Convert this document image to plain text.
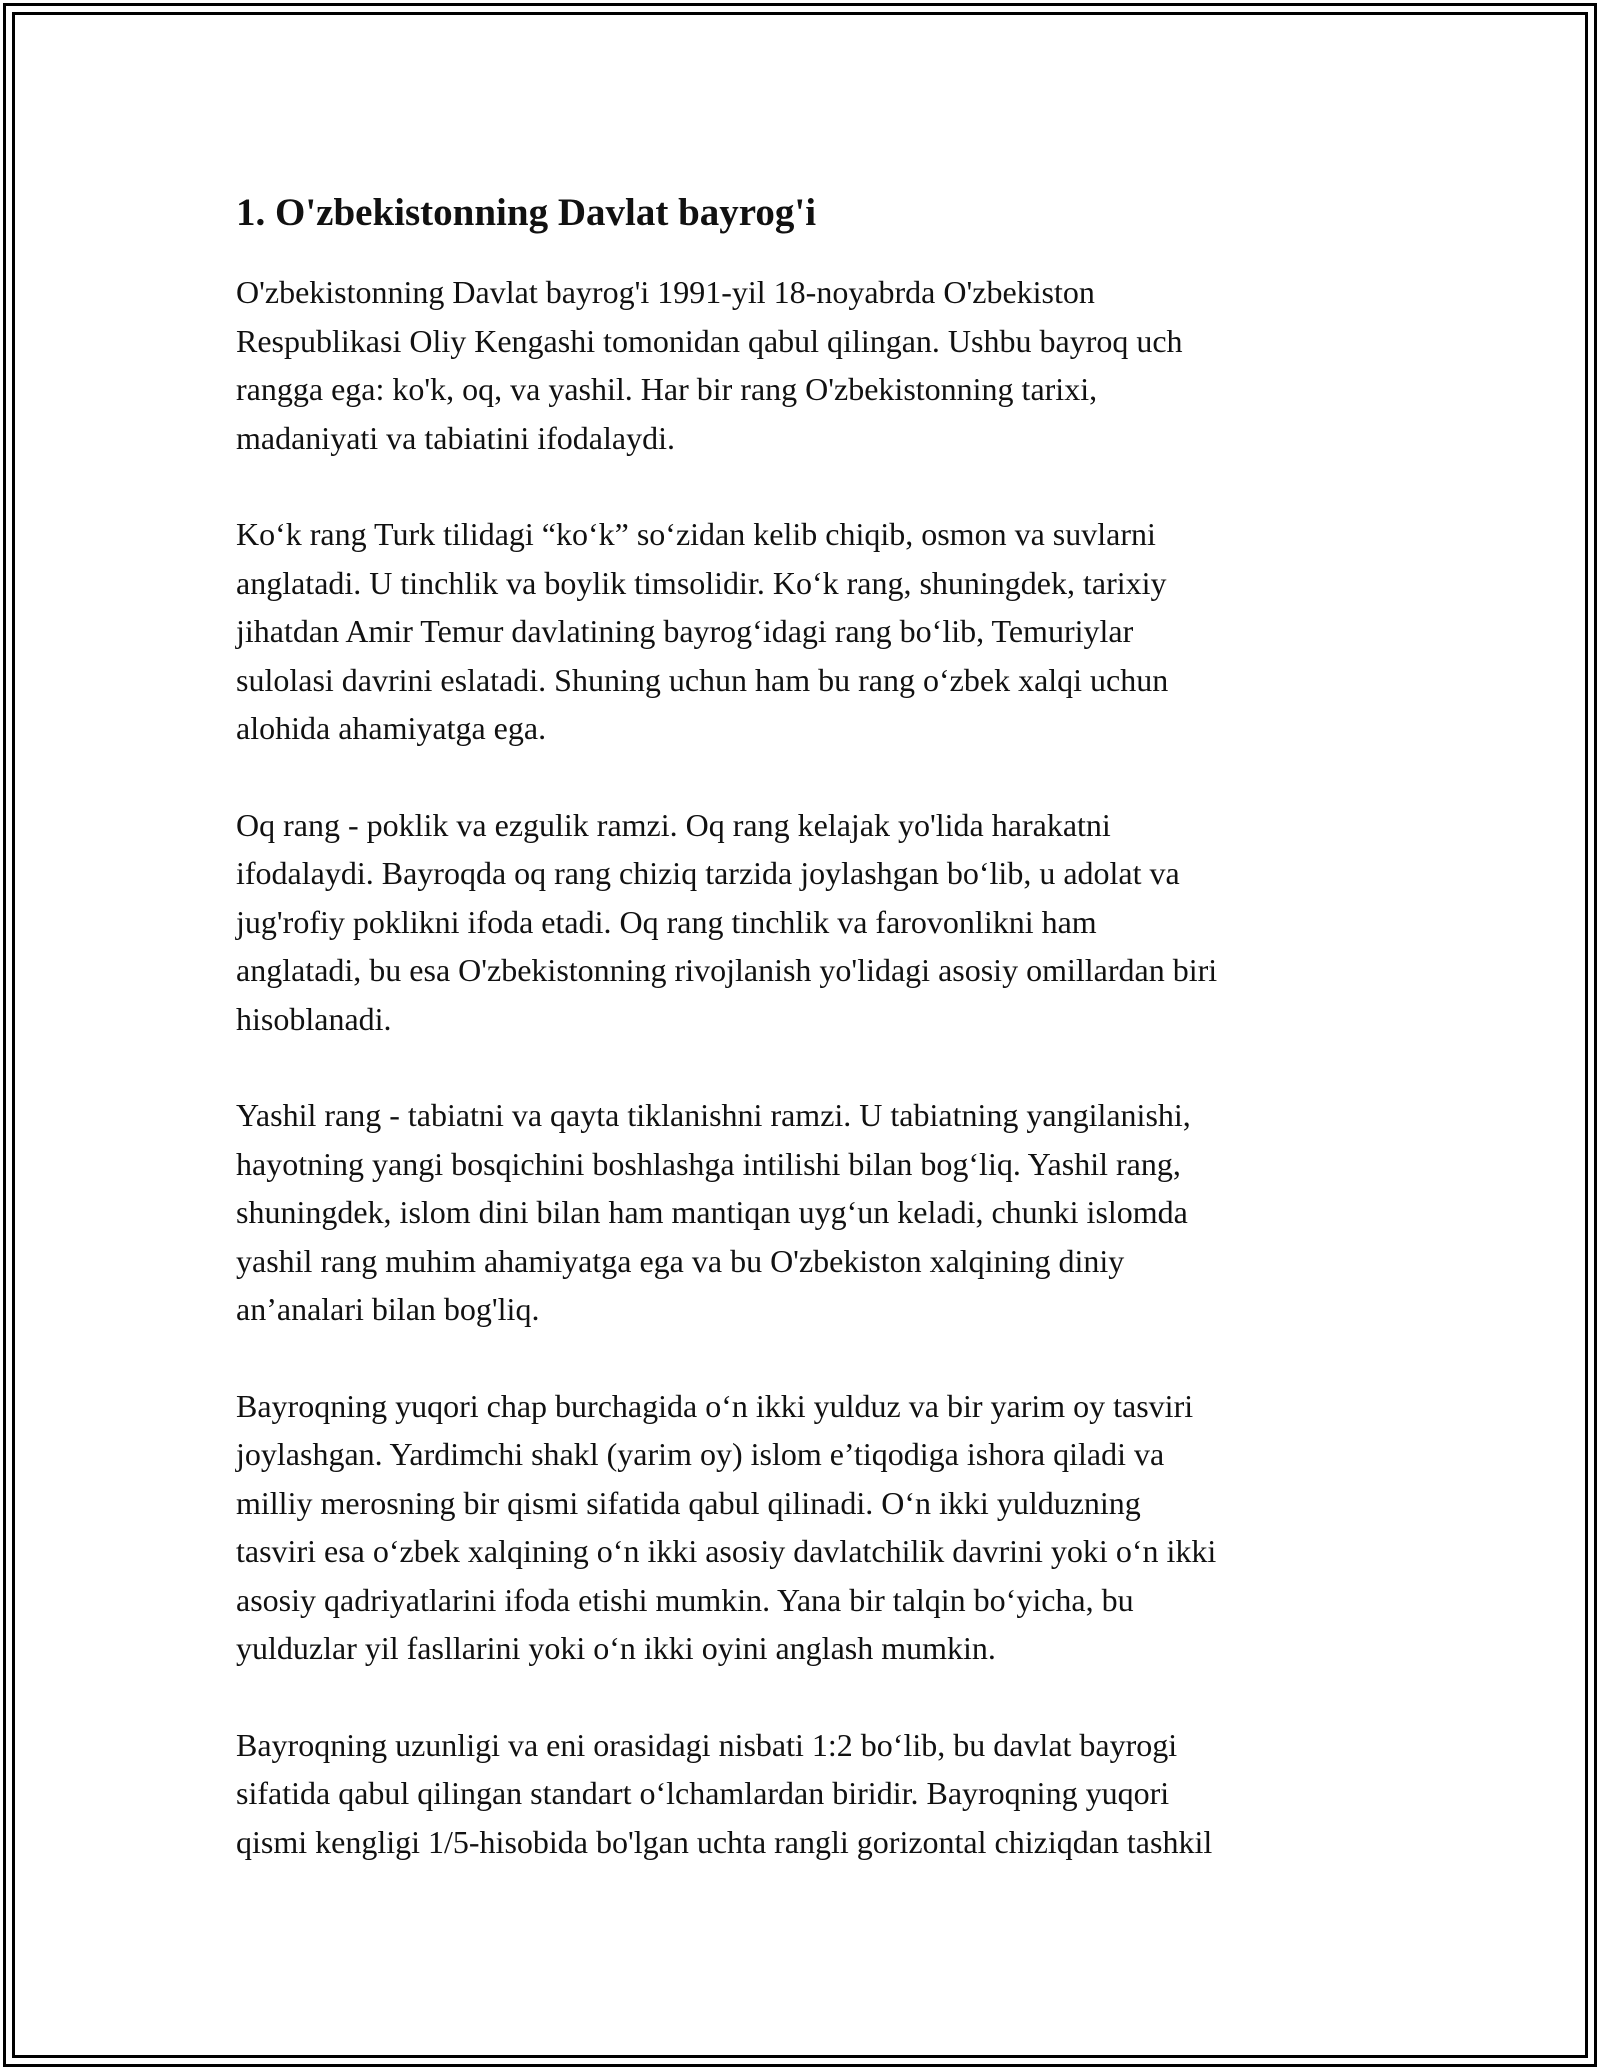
1. O'zbekistonning Davlat bayrog'i

O'zbekistonning Davlat bayrog'i 1991-yil 18-noyabrda O'zbekiston
Respublikasi Oliy Kengashi tomonidan qabul qilingan. Ushbu bayroq uch
rangga ega: ko'k, oq, va yashil. Har bir rang O'zbekistonning tarixi,
madaniyati va tabiatini ifodalaydi.

Ko‘k rang Turk tilidagi “ko‘k” so‘zidan kelib chiqib, osmon va suvlarni
anglatadi. U tinchlik va boylik timsolidir. Ko‘k rang, shuningdek, tarixiy
jihatdan Amir Temur davlatining bayrog‘idagi rang bo‘lib, Temuriylar
sulolasi davrini eslatadi. Shuning uchun ham bu rang o‘zbek xalqi uchun
alohida ahamiyatga ega.

Oq rang - poklik va ezgulik ramzi. Oq rang kelajak yo'lida harakatni
ifodalaydi. Bayroqda oq rang chiziq tarzida joylashgan bo‘lib, u adolat va
jug'rofiy poklikni ifoda etadi. Oq rang tinchlik va farovonlikni ham
anglatadi, bu esa O'zbekistonning rivojlanish yo'lidagi asosiy omillardan biri
hisoblanadi.

Yashil rang - tabiatni va qayta tiklanishni ramzi. U tabiatning yangilanishi,
hayotning yangi bosqichini boshlashga intilishi bilan bog‘liq. Yashil rang,
shuningdek, islom dini bilan ham mantiqan uyg‘un keladi, chunki islomda
yashil rang muhim ahamiyatga ega va bu O'zbekiston xalqining diniy
an’analari bilan bog'liq.

Bayroqning yuqori chap burchagida o‘n ikki yulduz va bir yarim oy tasviri
joylashgan. Yardimchi shakl (yarim oy) islom e’tiqodiga ishora qiladi va
milliy merosning bir qismi sifatida qabul qilinadi. O‘n ikki yulduzning
tasviri esa o‘zbek xalqining o‘n ikki asosiy davlatchilik davrini yoki o‘n ikki
asosiy qadriyatlarini ifoda etishi mumkin. Yana bir talqin bo‘yicha, bu
yulduzlar yil fasllarini yoki o‘n ikki oyini anglash mumkin.

Bayroqning uzunligi va eni orasidagi nisbati 1:2 bo‘lib, bu davlat bayrogi
sifatida qabul qilingan standart o‘lchamlardan biridir. Bayroqning yuqori
qismi kengligi 1/5-hisobida bo'lgan uchta rangli gorizontal chiziqdan tashkil
